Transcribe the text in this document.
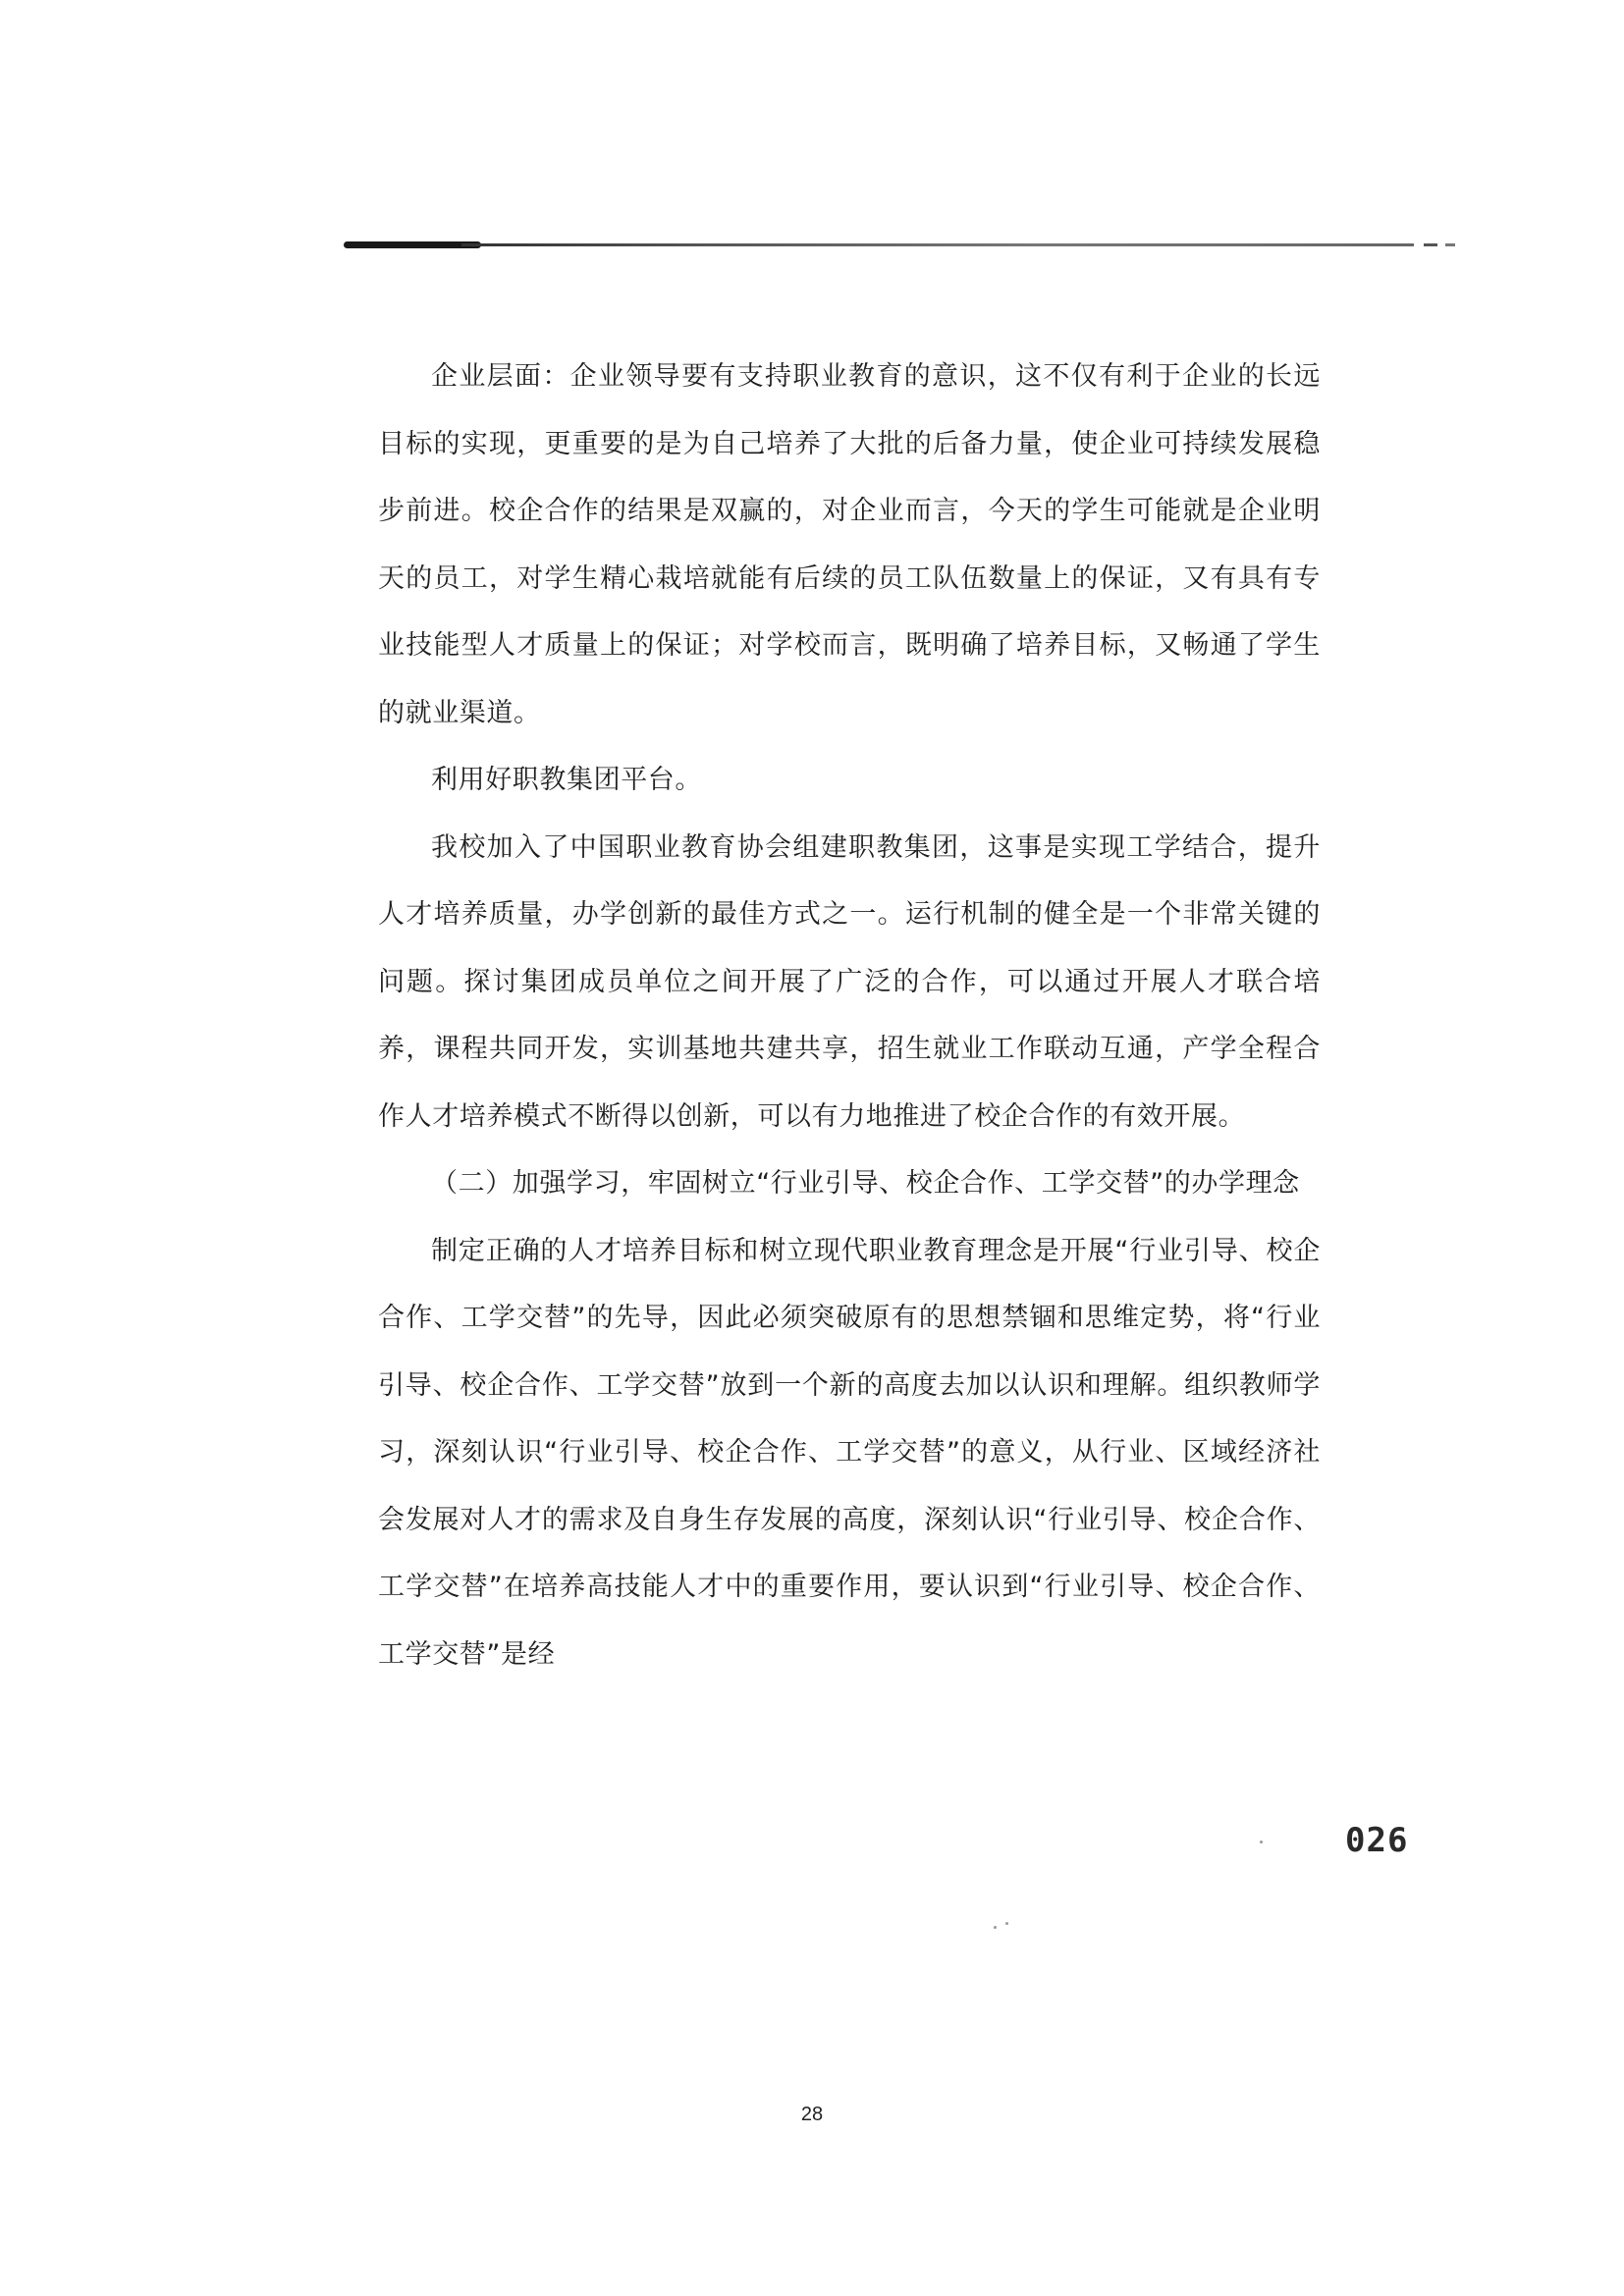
企业层面：企业领导要有支持职业教育的意识，这不仅有利于企业的长远目标的实现，更重要的是为自己培养了大批的后备力量，使企业可持续发展稳步前进。校企合作的结果是双赢的，对企业而言，今天的学生可能就是企业明天的员工，对学生精心栽培就能有后续的员工队伍数量上的保证，又有具有专业技能型人才质量上的保证；对学校而言，既明确了培养目标，又畅通了学生的就业渠道。

利用好职教集团平台。

我校加入了中国职业教育协会组建职教集团，这事是实现工学结合，提升人才培养质量，办学创新的最佳方式之一。运行机制的健全是一个非常关键的问题。探讨集团成员单位之间开展了广泛的合作，可以通过开展人才联合培养，课程共同开发，实训基地共建共享，招生就业工作联动互通，产学全程合作人才培养模式不断得以创新，可以有力地推进了校企合作的有效开展。

（二）加强学习，牢固树立“行业引导、校企合作、工学交替”的办学理念

制定正确的人才培养目标和树立现代职业教育理念是开展“行业引导、校企合作、工学交替”的先导，因此必须突破原有的思想禁锢和思维定势，将“行业引导、校企合作、工学交替”放到一个新的高度去加以认识和理解。组织教师学习，深刻认识“行业引导、校企合作、工学交替”的意义，从行业、区域经济社会发展对人才的需求及自身生存发展的高度，深刻认识“行业引导、校企合作、工学交替”在培养高技能人才中的重要作用，要认识到“行业引导、校企合作、工学交替”是经

026
28
